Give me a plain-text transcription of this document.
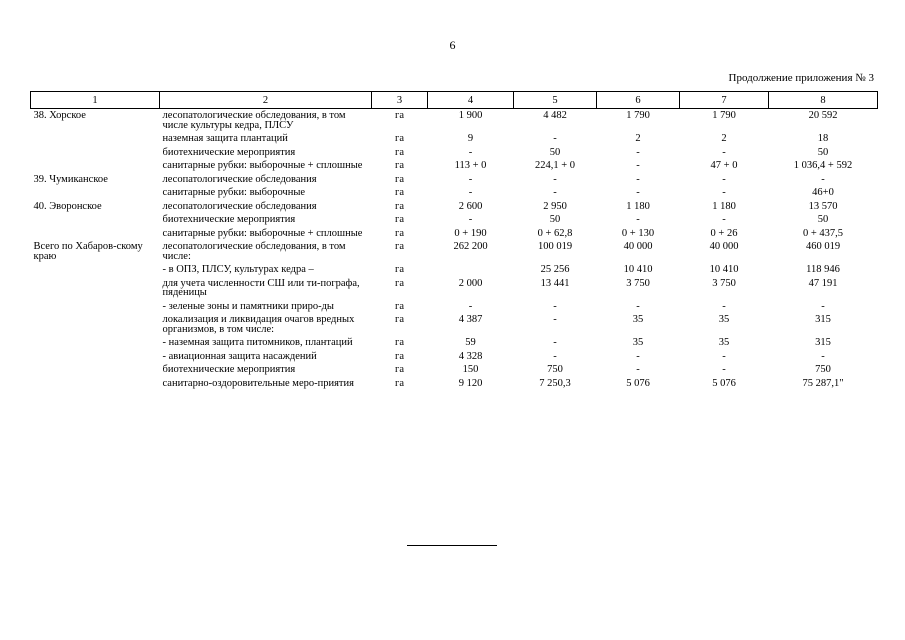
6
Продолжение приложения № 3
1	2	3	4	5	6	7	8
38. Хорское	лесопатологические обследования, в том числе культуры кедра, ПЛСУ	га	1 900	4 482	1 790	1 790	20 592
	наземная защита плантаций	га	9	-	2	2	18
	биотехнические мероприятия	га	-	50	-	-	50
	санитарные рубки: выборочные + сплошные	га	113 + 0	224,1 + 0	-	47 + 0	1 036,4 + 592
39. Чумиканское	лесопатологические обследования	га	-	-	-	-	-
	санитарные рубки: выборочные	га	-	-	-	-	46+0
40. Эворонское	лесопатологические обследования	га	2 600	2 950	1 180	1 180	13 570
	биотехнические мероприятия	га	-	50	-	-	50
	санитарные рубки: выборочные + сплошные	га	0 + 190	0 + 62,8	0 + 130	0 + 26	0 + 437,5
Всего по Хабаров-скому краю	лесопатологические обследования, в том числе:	га	262 200	100 019	40 000	40 000	460 019
	- в ОПЗ, ПЛСУ, культурах кедра –	га		25 256	10 410	10 410	118 946
	для учета численности СШ или ти-пографа, пяденицы	га	2 000	13 441	3 750	3 750	47 191
	- зеленые зоны и памятники приро-ды	га	-	-	-	-	-
	локализация и ликвидация очагов вредных организмов, в том числе:	га	4 387	-	35	35	315
	- наземная защита питомников, плантаций	га	59	-	35	35	315
	- авиационная защита насаждений	га	4 328	-	-	-	-
	биотехнические мероприятия	га	150	750	-	-	750
	санитарно-оздоровительные меро-приятия	га	9 120	7 250,3	5 076	5 076	75 287,1"
